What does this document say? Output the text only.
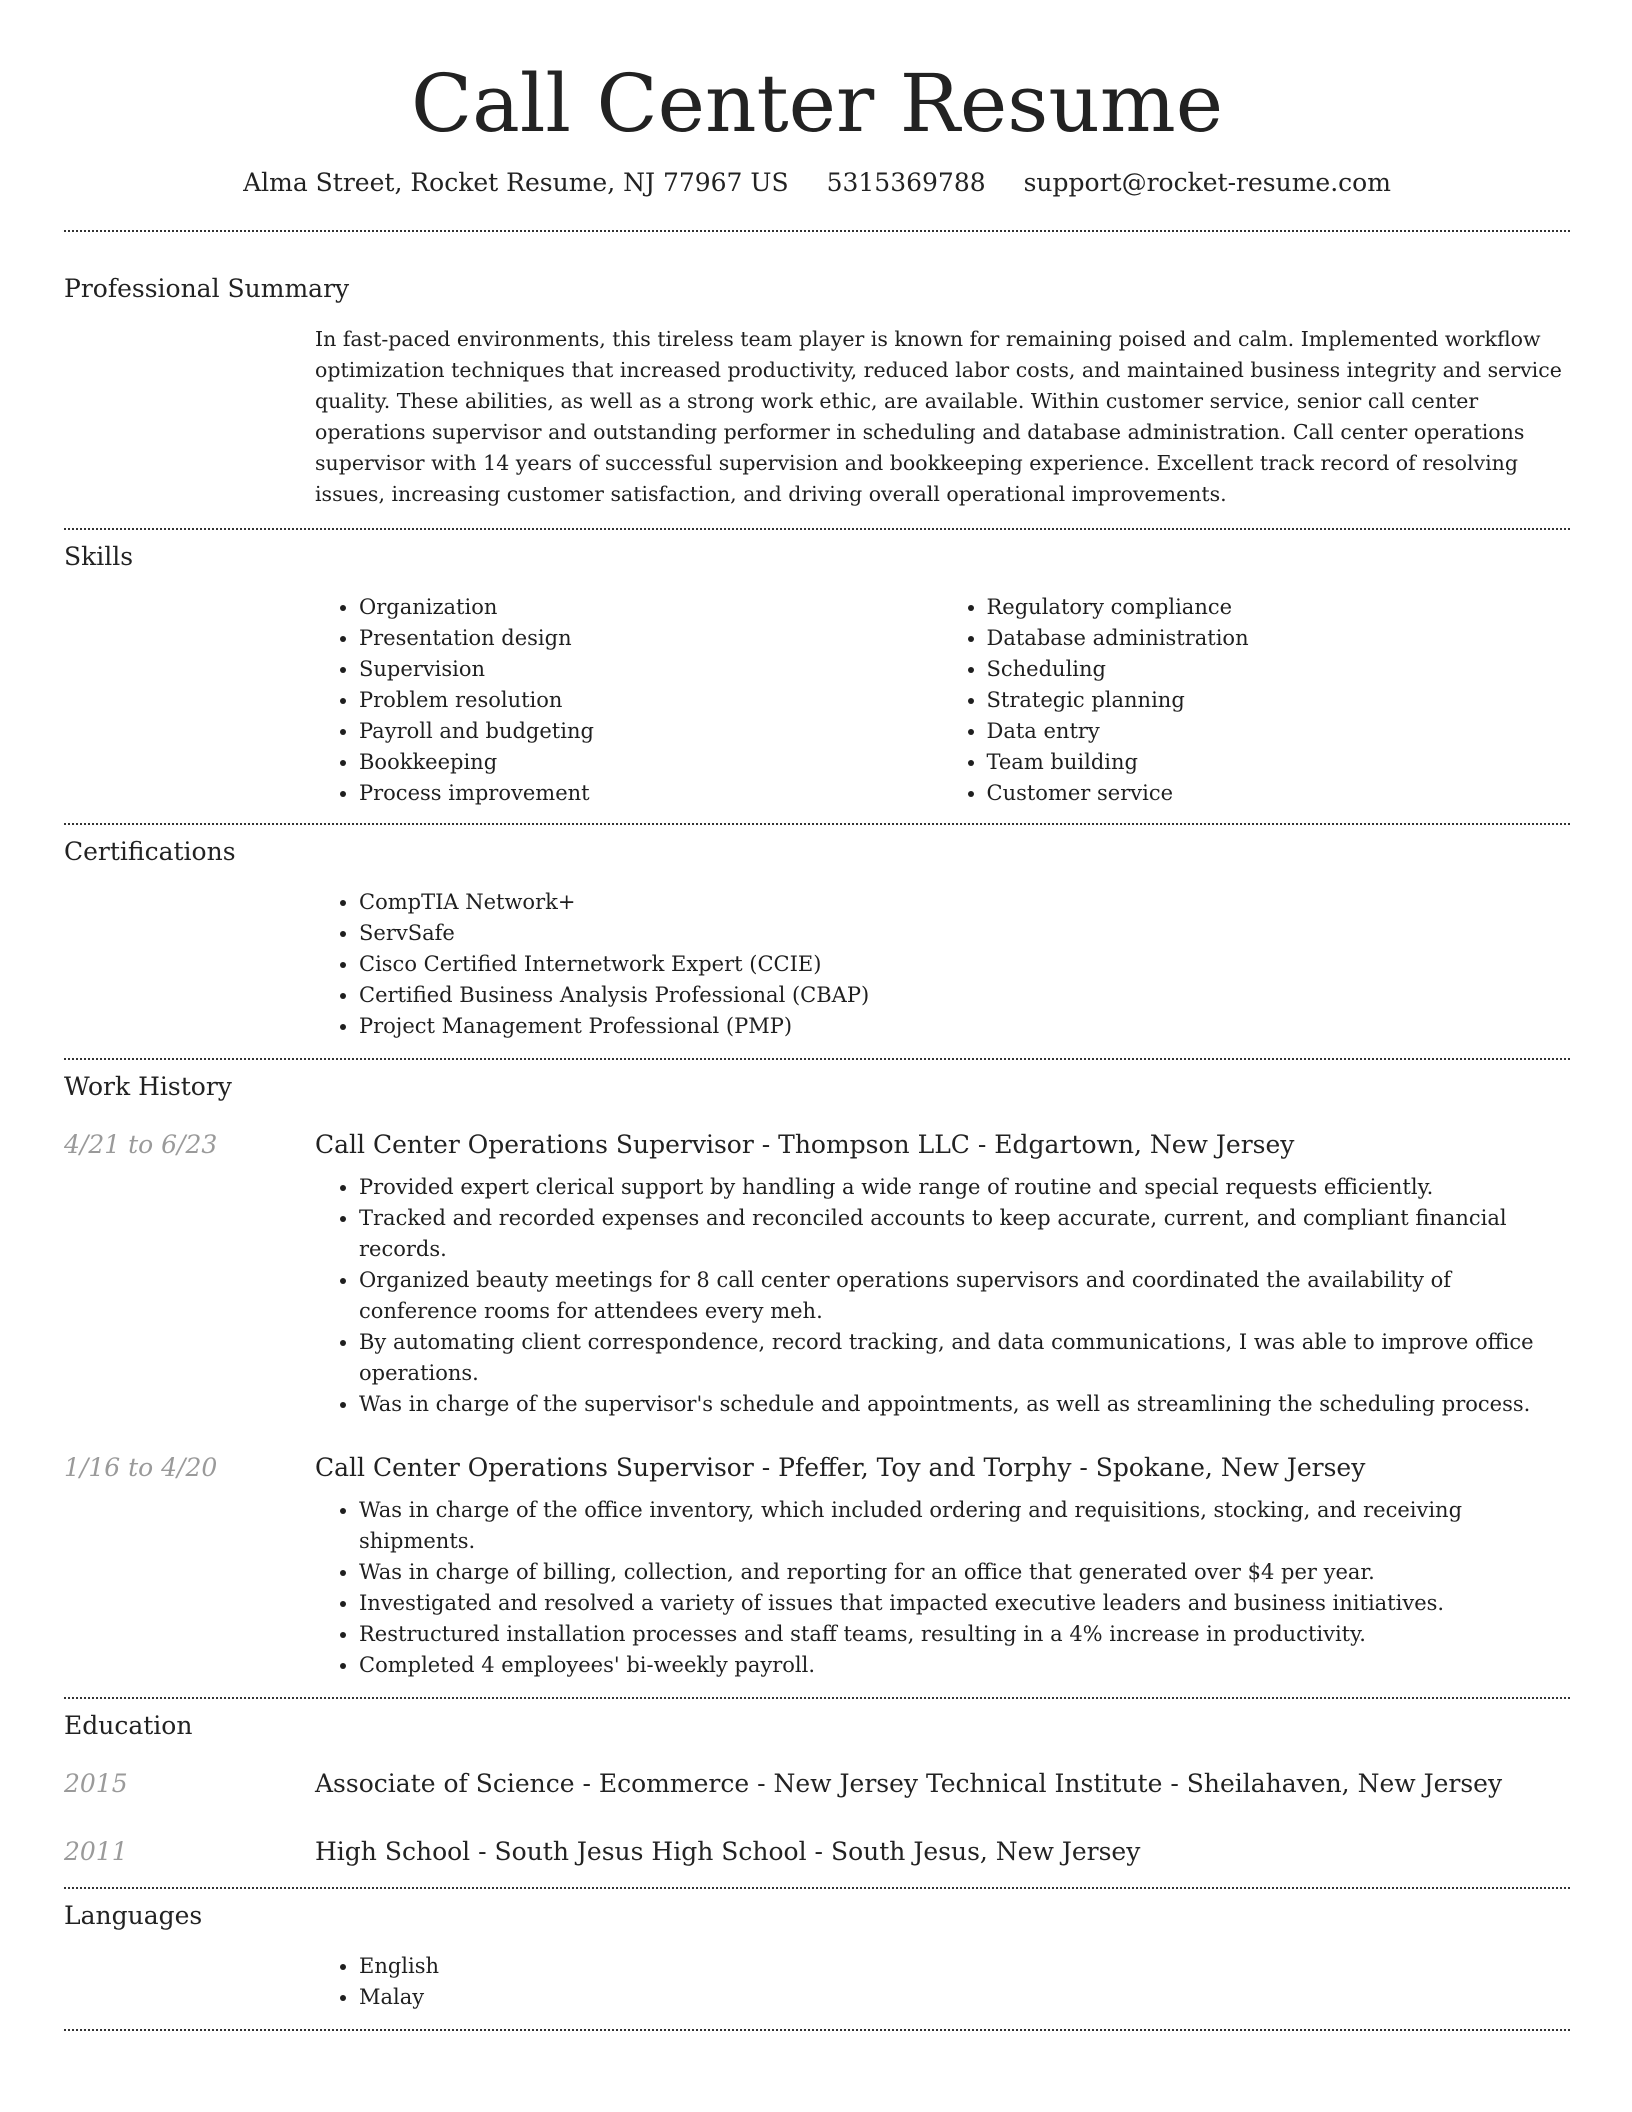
Call Center Resume
Alma Street, Rocket Resume, NJ 77967 US 5315369788 support@rocket-resume.com
Professional Summary

In fast-paced environments, this tireless team player is known for remaining poised and calm. Implemented workflow optimization techniques that increased productivity, reduced labor costs, and maintained business integrity and service quality. These abilities, as well as a strong work ethic, are available. Within customer service, senior call center operations supervisor and outstanding performer in scheduling and database administration. Call center operations supervisor with 14 years of successful supervision and bookkeeping experience. Excellent track record of resolving issues, increasing customer satisfaction, and driving overall operational improvements.

Skills
• Organization
• Presentation design
• Supervision
• Problem resolution
• Payroll and budgeting
• Bookkeeping
• Process improvement
• Regulatory compliance
• Database administration
• Scheduling
• Strategic planning
• Data entry
• Team building
• Customer service
Certifications
• CompTIA Network+
• ServSafe
• Cisco Certified Internetwork Expert (CCIE)
• Certified Business Analysis Professional (CBAP)
• Project Management Professional (PMP)
Work History
4/21 to 6/23	Call Center Operations Supervisor - Thompson LLC - Edgartown, New Jersey
• Provided expert clerical support by handling a wide range of routine and special requests efficiently.
• Tracked and recorded expenses and reconciled accounts to keep accurate, current, and compliant financial records.
• Organized beauty meetings for 8 call center operations supervisors and coordinated the availability of conference rooms for attendees every meh.
• By automating client correspondence, record tracking, and data communications, I was able to improve office operations.
• Was in charge of the supervisor's schedule and appointments, as well as streamlining the scheduling process.
1/16 to 4/20	Call Center Operations Supervisor - Pfeffer, Toy and Torphy - Spokane, New Jersey
• Was in charge of the office inventory, which included ordering and requisitions, stocking, and receiving shipments.
• Was in charge of billing, collection, and reporting for an office that generated over $4 per year.
• Investigated and resolved a variety of issues that impacted executive leaders and business initiatives.
• Restructured installation processes and staff teams, resulting in a 4% increase in productivity.
• Completed 4 employees' bi-weekly payroll.
Education
2015	Associate of Science - Ecommerce - New Jersey Technical Institute - Sheilahaven, New Jersey
2011	High School - South Jesus High School - South Jesus, New Jersey
Languages
• English
• Malay
